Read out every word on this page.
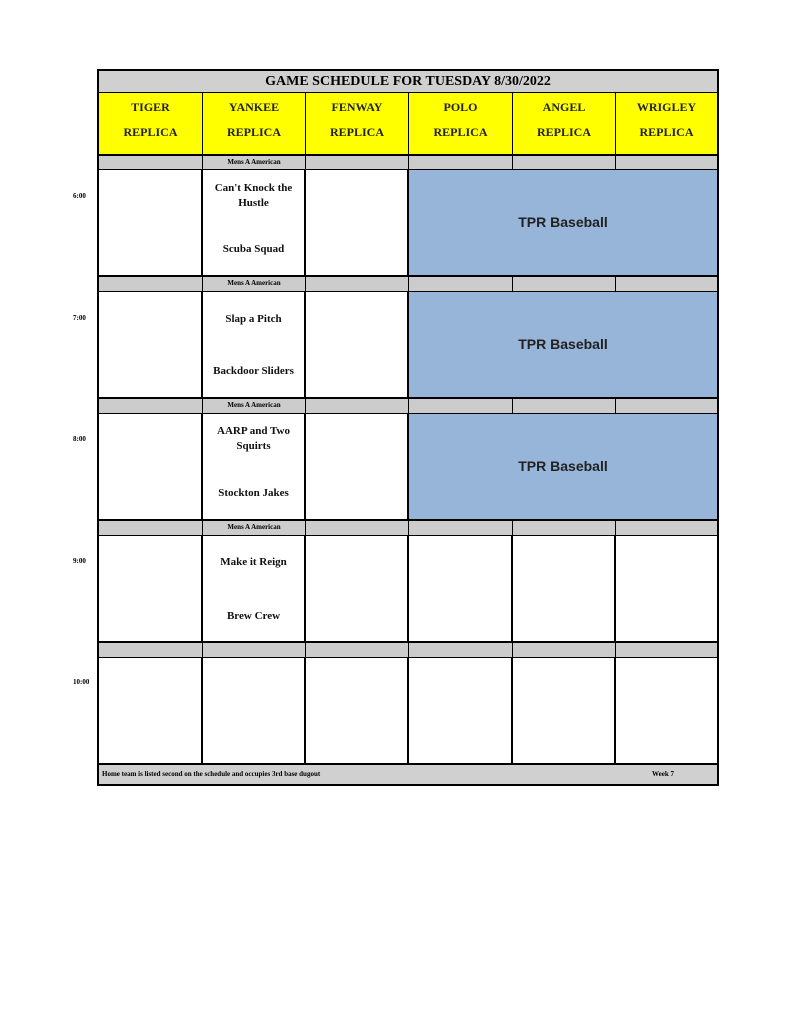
6:00
7:00
8:00
9:00
10:00
GAME SCHEDULE FOR TUESDAY 8/30/2022
TIGER
REPLICA
YANKEE
REPLICA
FENWAY
REPLICA
POLO
REPLICA
ANGEL
REPLICA
WRIGLEY
REPLICA
Mens A American
Can't Knock the Hustle
Scuba Squad
TPR Baseball
Mens A American
Slap a Pitch
Backdoor Sliders
TPR Baseball
Mens A American
AARP and Two Squirts
Stockton Jakes
TPR Baseball
Mens A American
Make it Reign
Brew Crew
Home team is listed second on the schedule and occupies 3rd base dugout	Week 7
